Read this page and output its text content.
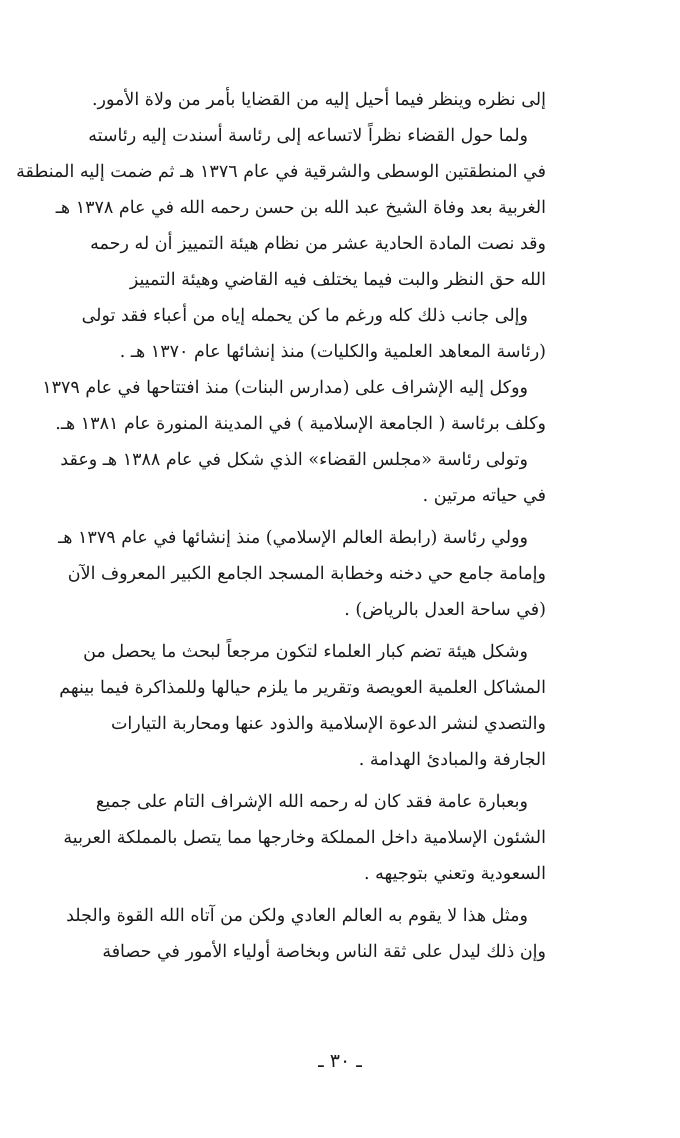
إلى نظره وينظر فيما أحيل إليه من القضايا بأمر من ولاة الأمور.
ولما حول القضاء نظراً لاتساعه إلى رئاسة أسندت إليه رئاسته
في المنطقتين الوسطى والشرقية في عام ١٣٧٦ هـ ثم ضمت إليه المنطقة
الغربية بعد وفاة الشيخ عبد الله بن حسن رحمه الله في عام ١٣٧٨ هـ
وقد نصت المادة الحادية عشر من نظام هيئة التمييز أن له رحمه
الله حق النظر والبت فيما يختلف فيه القاضي وهيئة التمييز
وإلى جانب ذلك كله ورغم ما كن يحمله إياه من أعباء فقد تولى
(رئاسة المعاهد العلمية والكليات) منذ إنشائها عام ١٣٧٠ هـ .
ووكل إليه الإشراف على (مدارس البنات) منذ افتتاحها في عام ١٣٧٩
وكلف برئاسة ( الجامعة الإسلامية ) في المدينة المنورة عام ١٣٨١ هـ.
وتولى رئاسة «مجلس القضاء» الذي شكل في عام ١٣٨٨ هـ وعقد
في حياته مرتين .
وولي رئاسة (رابطة العالم الإسلامي) منذ إنشائها في عام ١٣٧٩ هـ
وإمامة جامع حي دخنه وخطابة المسجد الجامع الكبير المعروف الآن
(في ساحة العدل بالرياض) .
وشكل هيئة تضم كبار العلماء لتكون مرجعاً لبحث ما يحصل من
المشاكل العلمية العويصة وتقرير ما يلزم حيالها وللمذاكرة فيما بينهم
والتصدي لنشر الدعوة الإسلامية والذود عنها ومحاربة التيارات
الجارفة والمبادئ الهدامة .
وبعبارة عامة فقد كان له رحمه الله الإشراف التام على جميع
الشئون الإسلامية داخل المملكة وخارجها مما يتصل بالمملكة العربية
السعودية وتعني بتوجيهه .
ومثل هذا لا يقوم به العالم العادي ولكن من آتاه الله القوة والجلد
وإن ذلك ليدل على ثقة الناس وبخاصة أولياء الأمور في حصافة
ـ ٣٠ ـ
